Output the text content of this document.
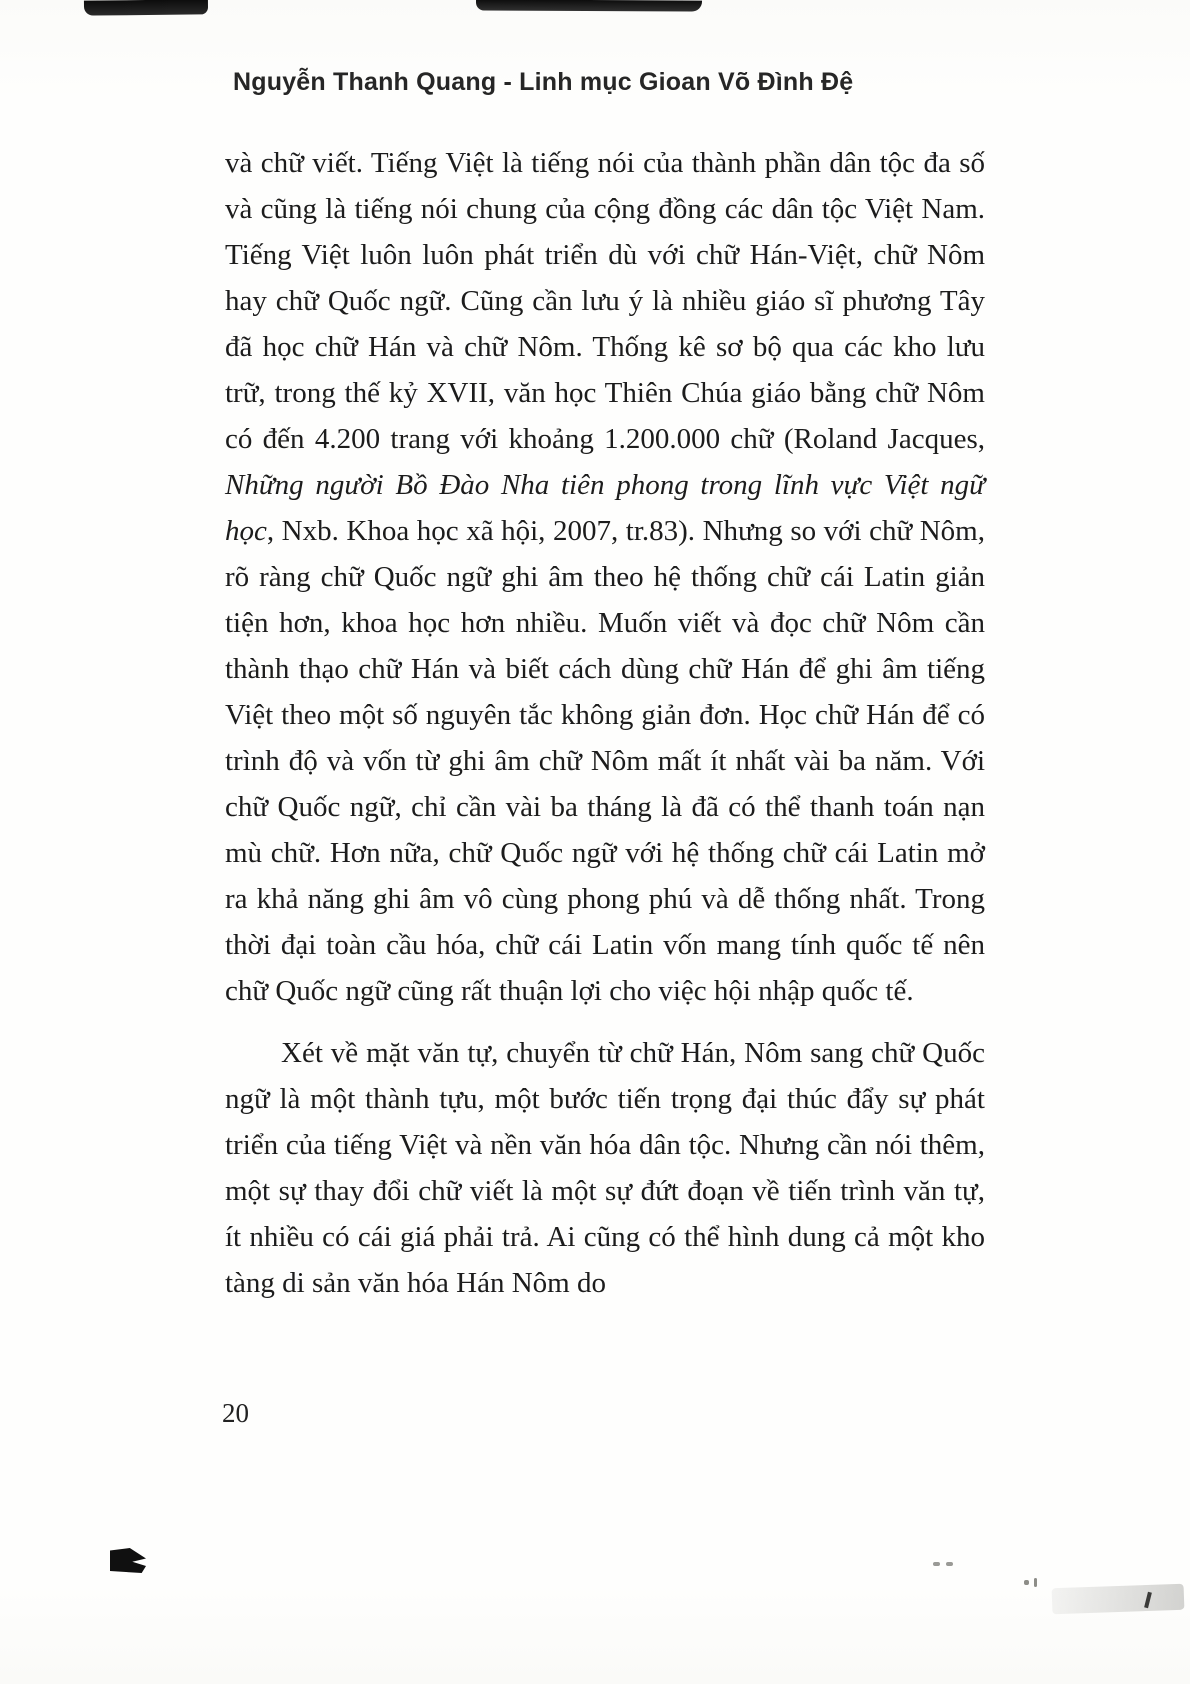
Nguyễn Thanh Quang - Linh mục Gioan Võ Đình Đệ

và chữ viết. Tiếng Việt là tiếng nói của thành phần dân tộc đa số và cũng là tiếng nói chung của cộng đồng các dân tộc Việt Nam. Tiếng Việt luôn luôn phát triển dù với chữ Hán-Việt, chữ Nôm hay chữ Quốc ngữ. Cũng cần lưu ý là nhiều giáo sĩ phương Tây đã học chữ Hán và chữ Nôm. Thống kê sơ bộ qua các kho lưu trữ, trong thế kỷ XVII, văn học Thiên Chúa giáo bằng chữ Nôm có đến 4.200 trang với khoảng 1.200.000 chữ (Roland Jacques, Những người Bồ Đào Nha tiên phong trong lĩnh vực Việt ngữ học, Nxb. Khoa học xã hội, 2007, tr.83). Nhưng so với chữ Nôm, rõ ràng chữ Quốc ngữ ghi âm theo hệ thống chữ cái Latin giản tiện hơn, khoa học hơn nhiều. Muốn viết và đọc chữ Nôm cần thành thạo chữ Hán và biết cách dùng chữ Hán để ghi âm tiếng Việt theo một số nguyên tắc không giản đơn. Học chữ Hán để có trình độ và vốn từ ghi âm chữ Nôm mất ít nhất vài ba năm. Với chữ Quốc ngữ, chỉ cần vài ba tháng là đã có thể thanh toán nạn mù chữ. Hơn nữa, chữ Quốc ngữ với hệ thống chữ cái Latin mở ra khả năng ghi âm vô cùng phong phú và dễ thống nhất. Trong thời đại toàn cầu hóa, chữ cái Latin vốn mang tính quốc tế nên chữ Quốc ngữ cũng rất thuận lợi cho việc hội nhập quốc tế.

Xét về mặt văn tự, chuyển từ chữ Hán, Nôm sang chữ Quốc ngữ là một thành tựu, một bước tiến trọng đại thúc đẩy sự phát triển của tiếng Việt và nền văn hóa dân tộc. Nhưng cần nói thêm, một sự thay đổi chữ viết là một sự đứt đoạn về tiến trình văn tự, ít nhiều có cái giá phải trả. Ai cũng có thể hình dung cả một kho tàng di sản văn hóa Hán Nôm do

20
